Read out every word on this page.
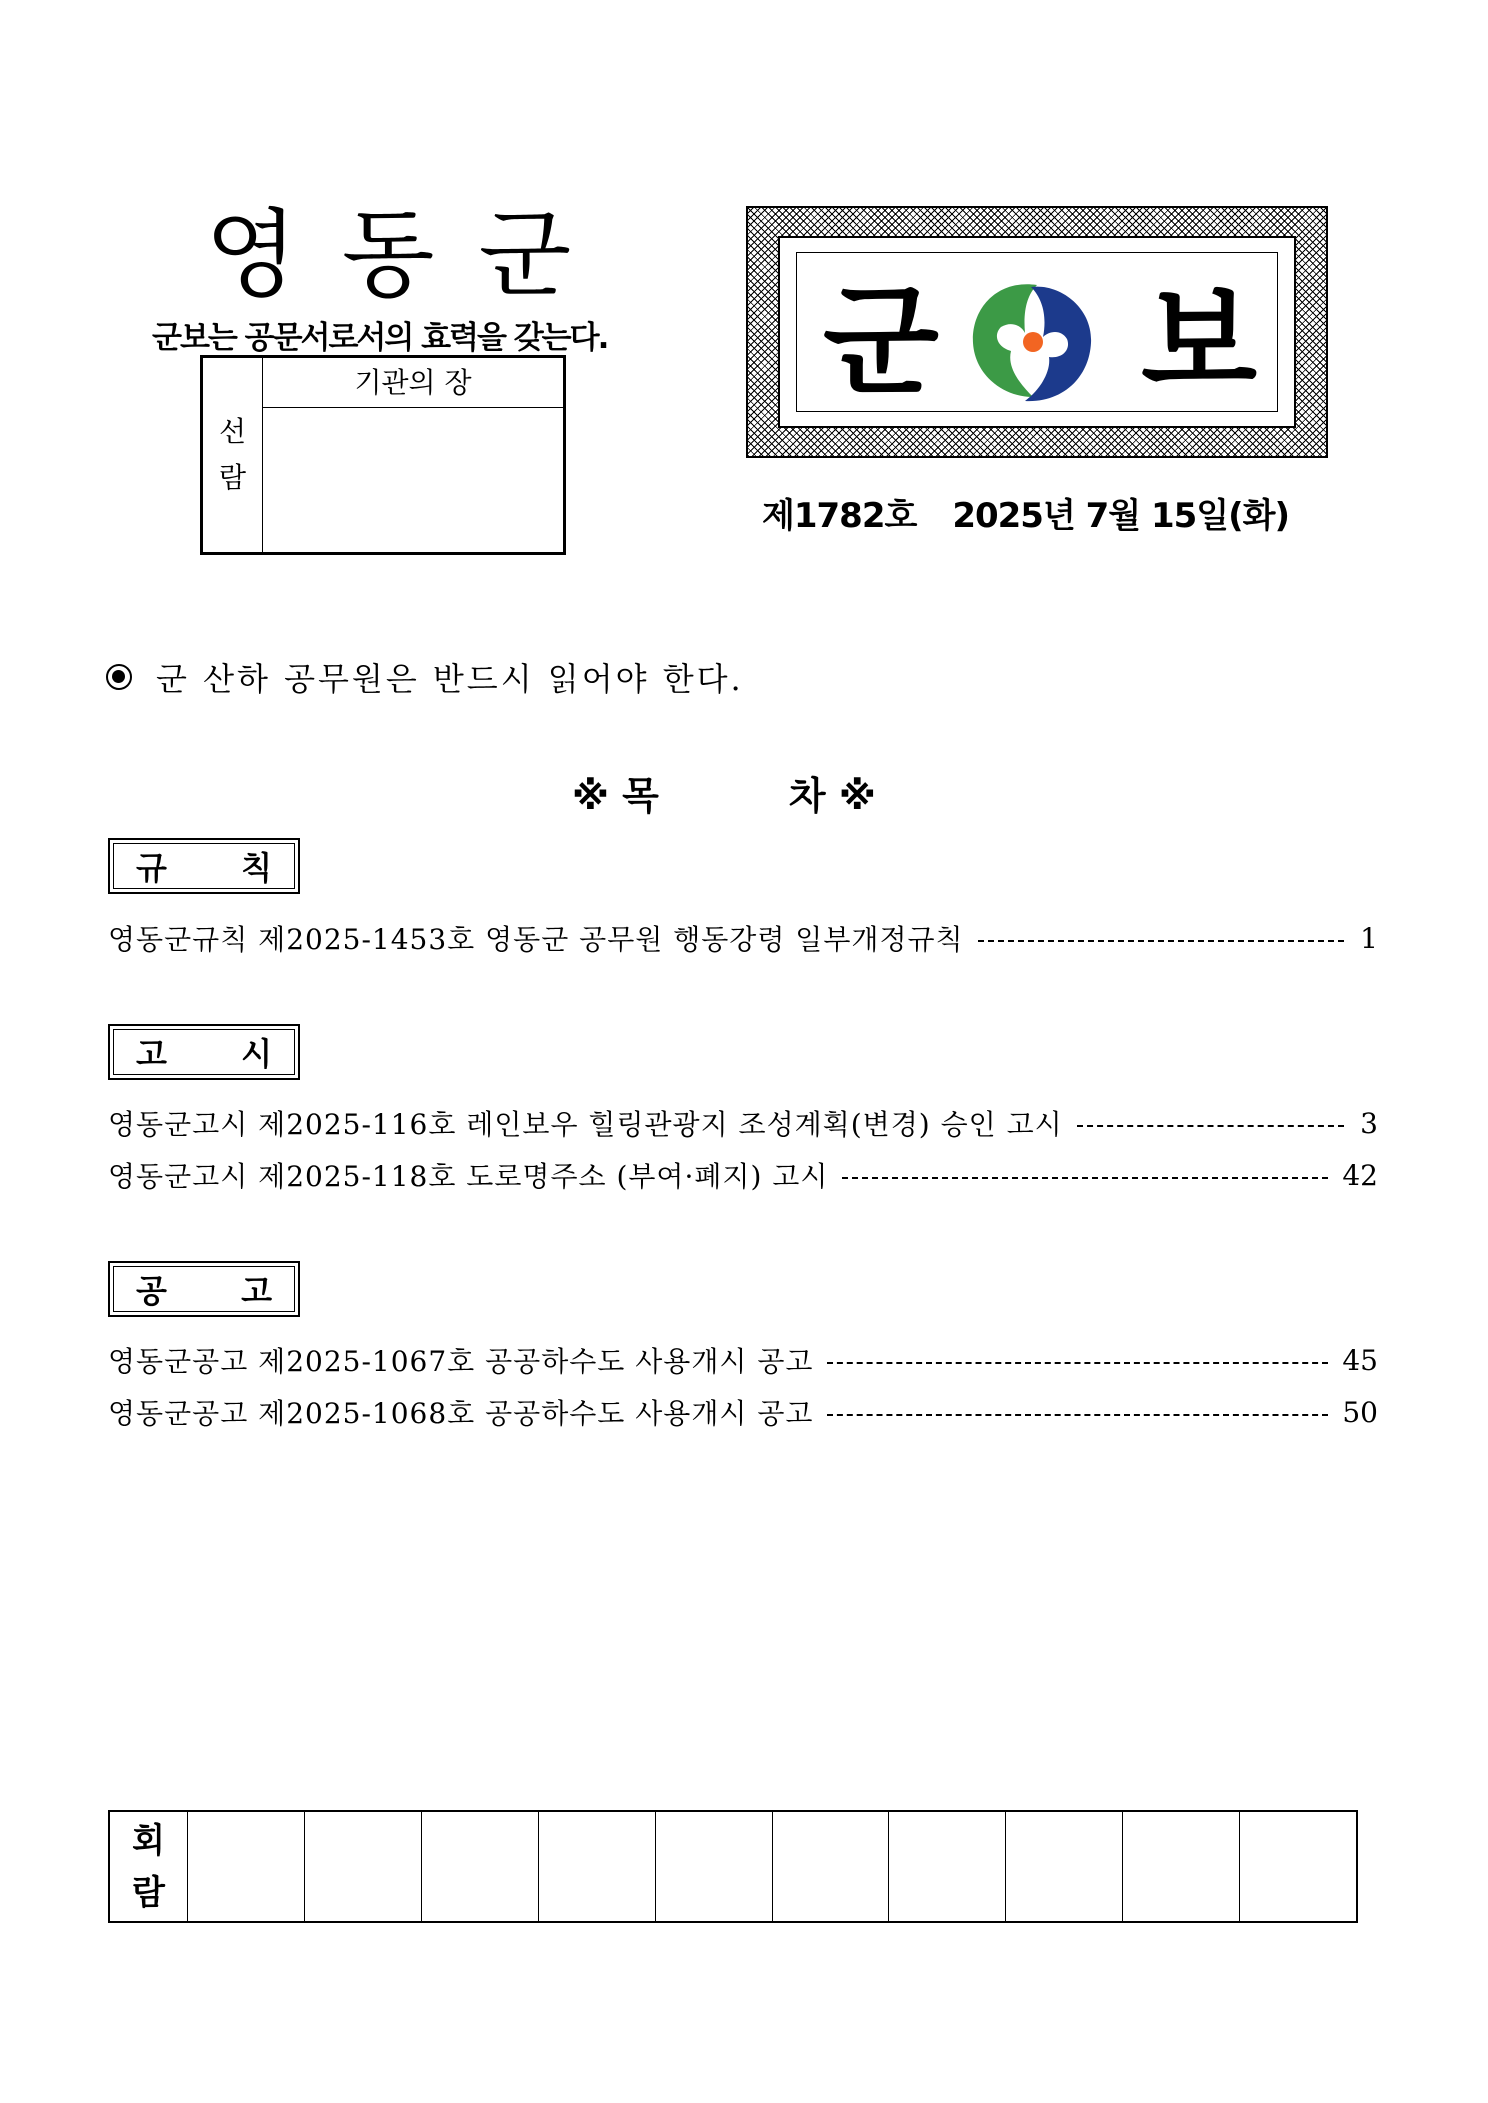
영동군
군보는 공문서로서의 효력을 갖는다.
선
람
기관의 장	군 보
제1782호 2025년 7월 15일(화)
군 산하 공무원은 반드시 읽어야 한다.
※ 목	차 ※
규 칙
영동군규칙 제2025-1453호 영동군 공무원 행동강령 일부개정규칙	1
고 시
영동군고시 제2025-116호 레인보우 힐링관광지 조성계획(변경) 승인 고시	3
영동군고시 제2025-118호 도로명주소 (부여·폐지) 고시	42
공 고
영동군공고 제2025-1067호 공공하수도 사용개시 공고	45
영동군공고 제2025-1068호 공공하수도 사용개시 공고	50
회
람
